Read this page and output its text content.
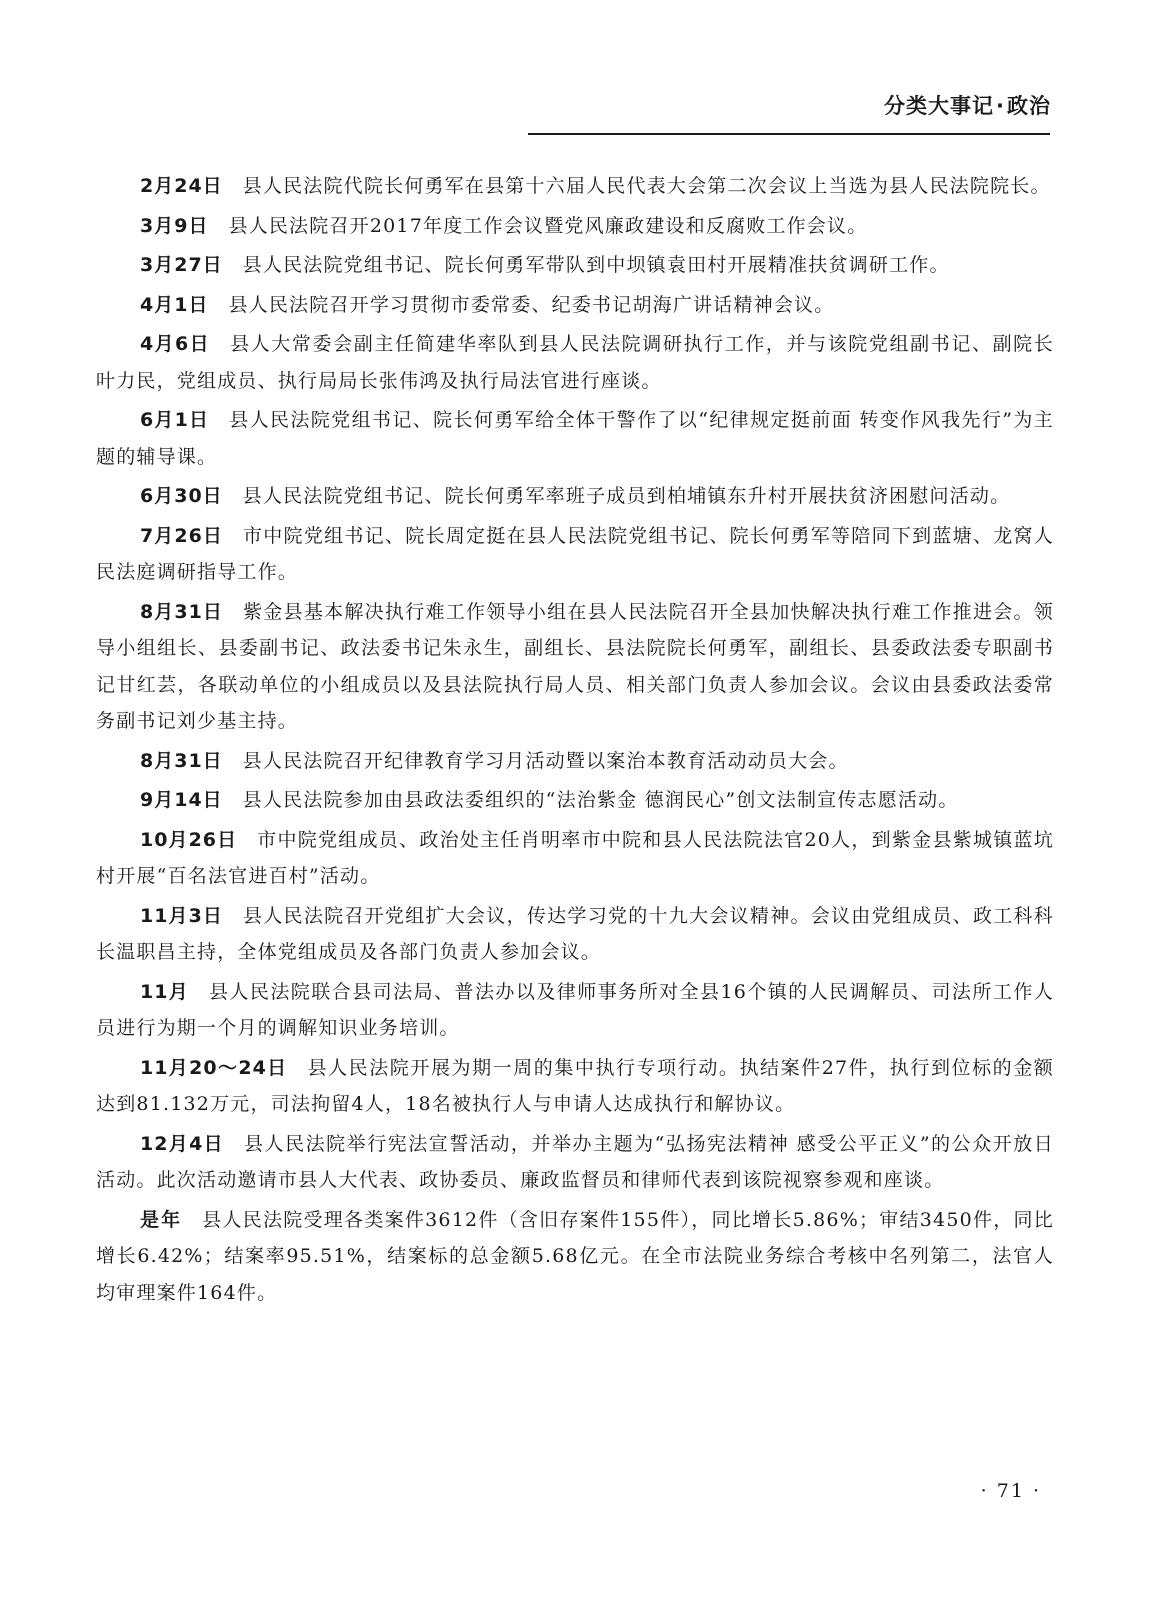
分类大事记·政治

2月24日 县人民法院代院长何勇军在县第十六届人民代表大会第二次会议上当选为县人民法院院长。

3月9日 县人民法院召开2017年度工作会议暨党风廉政建设和反腐败工作会议。

3月27日 县人民法院党组书记、院长何勇军带队到中坝镇袁田村开展精准扶贫调研工作。

4月1日 县人民法院召开学习贯彻市委常委、纪委书记胡海广讲话精神会议。

4月6日 县人大常委会副主任简建华率队到县人民法院调研执行工作，并与该院党组副书记、副院长叶力民，党组成员、执行局局长张伟鸿及执行局法官进行座谈。

6月1日 县人民法院党组书记、院长何勇军给全体干警作了以“纪律规定挺前面 转变作风我先行”为主题的辅导课。

6月30日 县人民法院党组书记、院长何勇军率班子成员到柏埔镇东升村开展扶贫济困慰问活动。

7月26日 市中院党组书记、院长周定挺在县人民法院党组书记、院长何勇军等陪同下到蓝塘、龙窝人民法庭调研指导工作。

8月31日 紫金县基本解决执行难工作领导小组在县人民法院召开全县加快解决执行难工作推进会。领导小组组长、县委副书记、政法委书记朱永生，副组长、县法院院长何勇军，副组长、县委政法委专职副书记甘红芸，各联动单位的小组成员以及县法院执行局人员、相关部门负责人参加会议。会议由县委政法委常务副书记刘少基主持。

8月31日 县人民法院召开纪律教育学习月活动暨以案治本教育活动动员大会。

9月14日 县人民法院参加由县政法委组织的“法治紫金 德润民心”创文法制宣传志愿活动。

10月26日 市中院党组成员、政治处主任肖明率市中院和县人民法院法官20人，到紫金县紫城镇蓝坑村开展“百名法官进百村”活动。

11月3日 县人民法院召开党组扩大会议，传达学习党的十九大会议精神。会议由党组成员、政工科科长温职昌主持，全体党组成员及各部门负责人参加会议。

11月 县人民法院联合县司法局、普法办以及律师事务所对全县16个镇的人民调解员、司法所工作人员进行为期一个月的调解知识业务培训。

11月20～24日 县人民法院开展为期一周的集中执行专项行动。执结案件27件，执行到位标的金额达到81.132万元，司法拘留4人，18名被执行人与申请人达成执行和解协议。

12月4日 县人民法院举行宪法宣誓活动，并举办主题为“弘扬宪法精神 感受公平正义”的公众开放日活动。此次活动邀请市县人大代表、政协委员、廉政监督员和律师代表到该院视察参观和座谈。

是年 县人民法院受理各类案件3612件（含旧存案件155件），同比增长5.86%；审结3450件，同比增长6.42%；结案率95.51%，结案标的总金额5.68亿元。在全市法院业务综合考核中名列第二，法官人均审理案件164件。

· 71 ·
